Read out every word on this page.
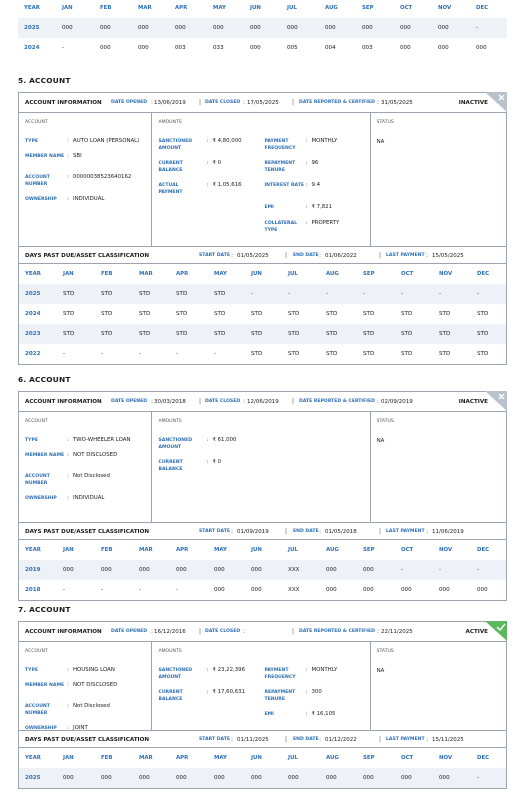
YEAR	JAN	FEB	MAR	APR	MAY	JUN	JUL	AUG	SEP	OCT	NOV	DEC
2025	000	000	000	000	000	000	000	000	000	000	000	-
2024	-	000	000	003	033	000	005	004	003	000	000	000
5. ACCOUNT
ACCOUNT INFORMATION DATE OPENED : 13/06/2019 | DATE CLOSED : 17/05/2025 | DATE REPORTED & CERTIFIED : 31/05/2025	INACTIVE
ACCOUNT
TYPE	: AUTO LOAN (PERSONAL)
MEMBER NAME : SBI
ACCOUNT NUMBER
: 00000038523640162
OWNERSHIP	: INDIVIDUAL
AMOUNTS
SANCTIONED AMOUNT
: ₹ 4,80,000
CURRENT BALANCE
: ₹ 0
ACTUAL PAYMENT
: ₹ 1,05,616
PAYMENT FREQUENCY
: MONTHLY
REPAYMENT TENURE
: 96
INTEREST RATE : 9.4
EMI	: ₹ 7,821
COLLATERAL TYPE
: PROPERTY
STATUS
NA
DAYS PAST DUE/ASSET CLASSIFICATION	START DATE : 01/05/2025	| END DATE : 01/06/2022	| LAST PAYMENT : 15/05/2025
YEAR	JAN	FEB	MAR	APR	MAY	JUN	JUL	AUG	SEP	OCT	NOV	DEC
2025	STD	STD	STD	STD	STD	-	-	-	-	-	-	-
2024	STD	STD	STD	STD	STD	STD	STD	STD	STD	STD	STD	STD
2023	STD	STD	STD	STD	STD	STD	STD	STD	STD	STD	STD	STD
2022	-	-	-	-	-	STD	STD	STD	STD	STD	STD	STD
6. ACCOUNT
ACCOUNT INFORMATION DATE OPENED : 30/03/2018 | DATE CLOSED : 12/06/2019 | DATE REPORTED & CERTIFIED : 02/09/2019	INACTIVE
ACCOUNT
TYPE	: TWO-WHEELER LOAN
MEMBER NAME : NOT DISCLOSED
ACCOUNT NUMBER
: Not Disclosed
OWNERSHIP	: INDIVIDUAL
AMOUNTS
SANCTIONED AMOUNT
: ₹ 61,000
CURRENT BALANCE
: ₹ 0
STATUS
NA
DAYS PAST DUE/ASSET CLASSIFICATION	START DATE : 01/09/2019	| END DATE : 01/05/2018	| LAST PAYMENT : 11/06/2019
YEAR	JAN	FEB	MAR	APR	MAY	JUN	JUL	AUG	SEP	OCT	NOV	DEC
2019	000	000	000	000	000	000	XXX	000	000	-	-	-
2018	-	-	-	-	000	000	XXX	000	000	000	000	000
7. ACCOUNT
ACCOUNT INFORMATION DATE OPENED : 16/12/2016 | DATE CLOSED :	| DATE REPORTED & CERTIFIED : 22/11/2025	ACTIVE
ACCOUNT
TYPE	: HOUSING LOAN
MEMBER NAME : NOT DISCLOSED
ACCOUNT NUMBER
: Not Disclosed
OWNERSHIP	: JOINT
AMOUNTS
SANCTIONED AMOUNT
: ₹ 23,22,396
CURRENT BALANCE
: ₹ 17,60,631
PAYMENT FREQUENCY
: MONTHLY
REPAYMENT TENURE
: 300
EMI	: ₹ 16,105
STATUS
NA
DAYS PAST DUE/ASSET CLASSIFICATION	START DATE : 01/11/2025	| END DATE : 01/12/2022	| LAST PAYMENT : 15/11/2025
YEAR	JAN	FEB	MAR	APR	MAY	JUN	JUL	AUG	SEP	OCT	NOV	DEC
2025	000	000	000	000	000	000	000	000	000	000	000	-
